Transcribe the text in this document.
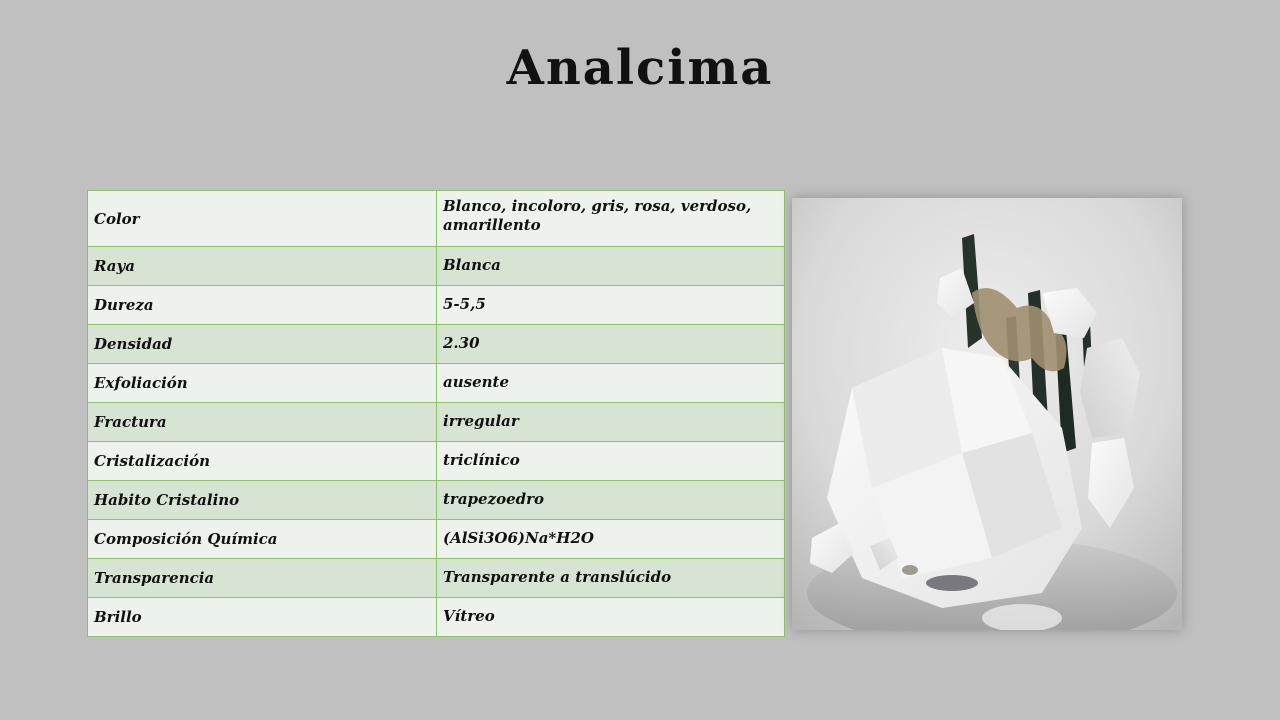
Analcima
Color	Blanco, incoloro, gris, rosa, verdoso, amarillento
Raya	Blanca
Dureza	5-5,5
Densidad	2.30
Exfoliación	ausente
Fractura	irregular
Cristalización	triclínico
Habito Cristalino	trapezoedro
Composición Química	(AlSi3O6)Na*H2O
Transparencia	Transparente a translúcido
Brillo	Vítreo
